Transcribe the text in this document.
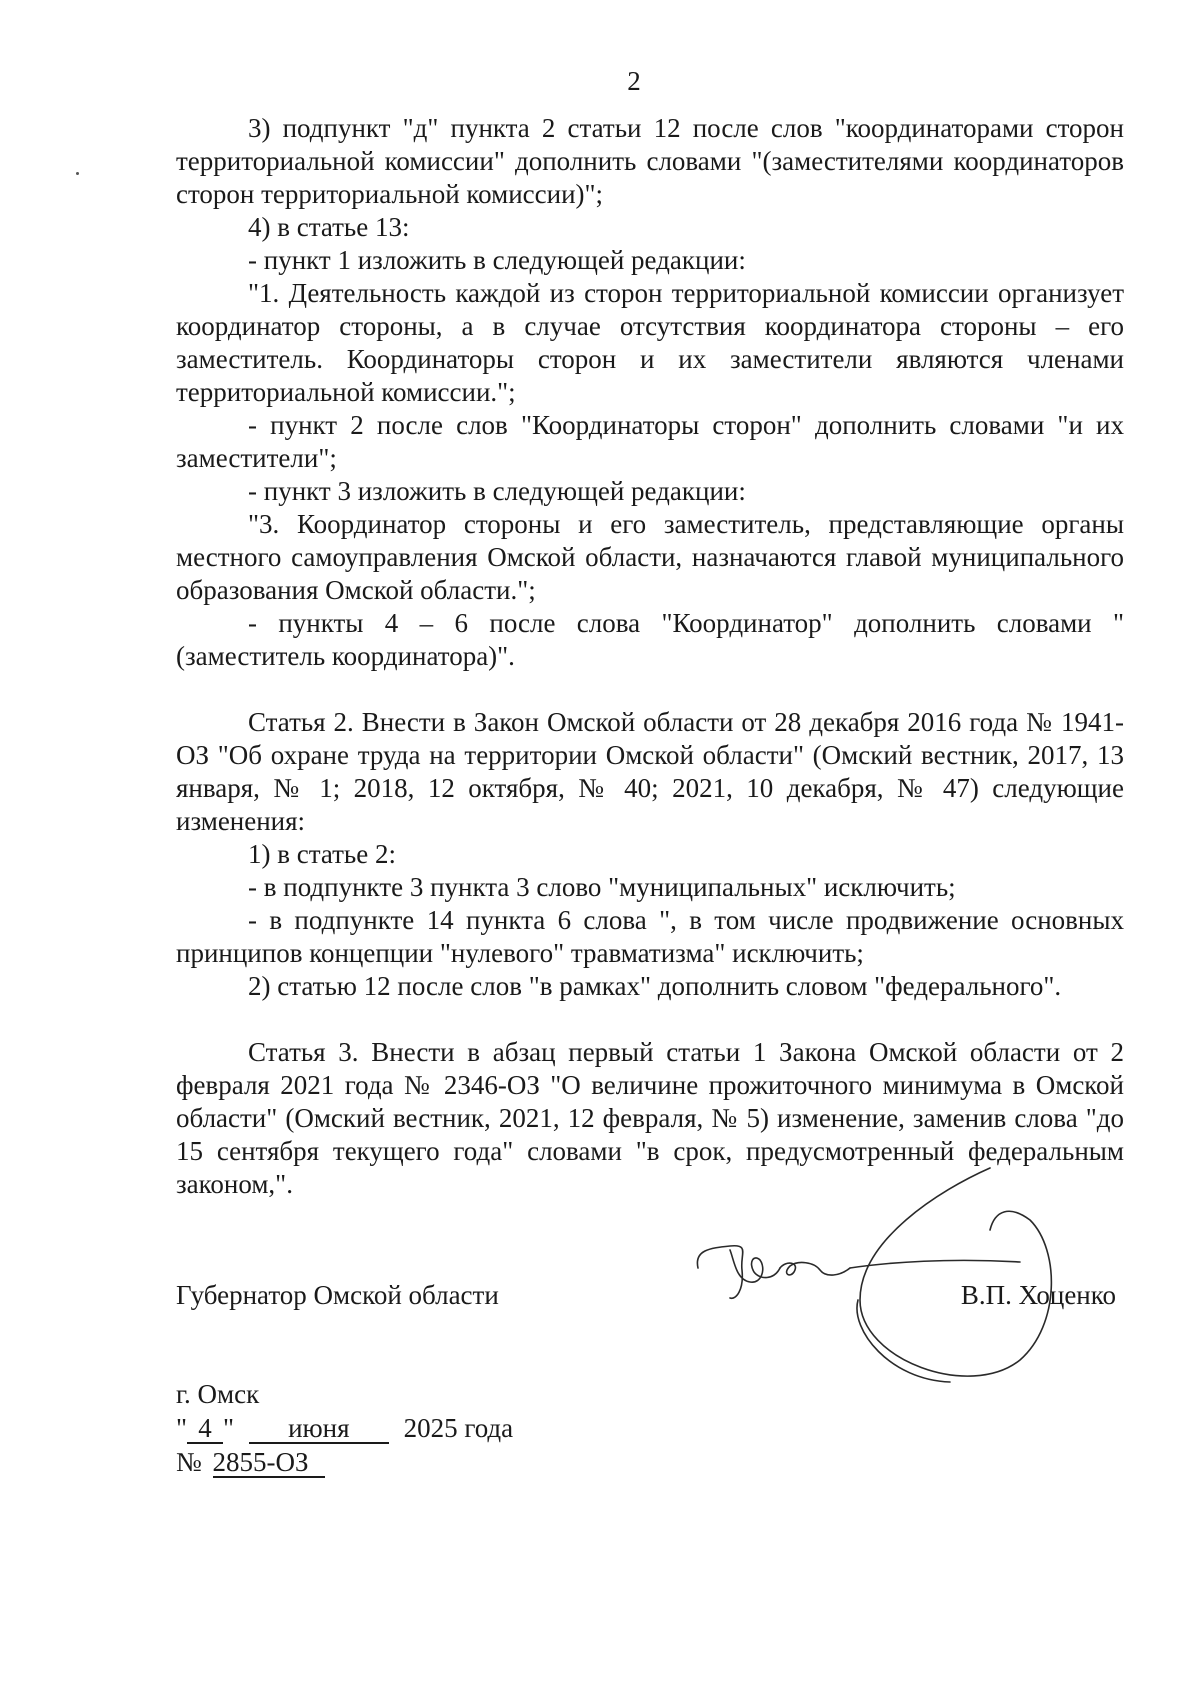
2

3) подпункт "д" пункта 2 статьи 12 после слов "координаторами сторон территориальной комиссии" дополнить словами "(заместителями координаторов сторон территориальной комиссии)";

4) в статье 13:

- пункт 1 изложить в следующей редакции:

"1. Деятельность каждой из сторон территориальной комиссии организует координатор стороны, а в случае отсутствия координатора стороны – его заместитель. Координаторы сторон и их заместители являются членами территориальной комиссии.";

- пункт 2 после слов "Координаторы сторон" дополнить словами "и их заместители";

- пункт 3 изложить в следующей редакции:

"3. Координатор стороны и его заместитель, представляющие органы местного самоуправления Омской области, назначаются главой муниципального образования Омской области.";

- пункты 4 – 6 после слова "Координатор" дополнить словами "(заместитель координатора)".

Статья 2. Внести в Закон Омской области от 28 декабря 2016 года № 1941-ОЗ "Об охране труда на территории Омской области" (Омский вестник, 2017, 13 января, № 1; 2018, 12 октября, № 40; 2021, 10 декабря, № 47) следующие изменения:

1) в статье 2:

- в подпункте 3 пункта 3 слово "муниципальных" исключить;

- в подпункте 14 пункта 6 слова ", в том числе продвижение основных принципов концепции "нулевого" травматизма" исключить;

2) статью 12 после слов "в рамках" дополнить словом "федерального".

Статья 3. Внести в абзац первый статьи 1 Закона Омской области от 2 февраля 2021 года № 2346-ОЗ "О величине прожиточного минимума в Омской области" (Омский вестник, 2021, 12 февраля, № 5) изменение, заменив слова "до 15 сентября текущего года" словами "в срок, предусмотренный федеральным законом,".

Губернатор Омской области	В.П. Хоценко
г. Омск
" 4 " июня 2025 года
№ 2855-ОЗ
